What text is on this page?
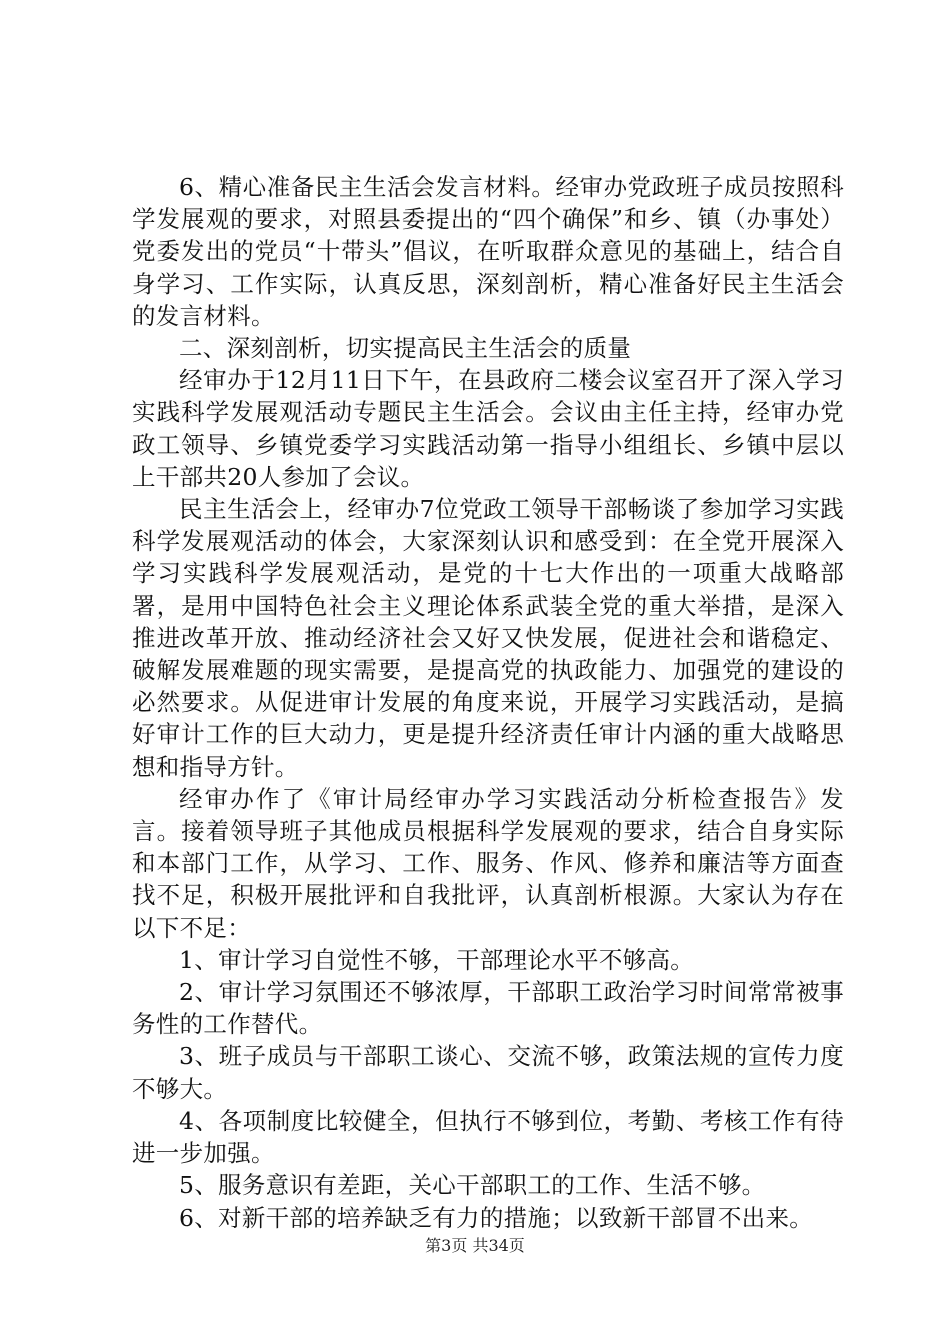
6、精心准备民主生活会发言材料。经审办党政班子成员按照科学发展观的要求，对照县委提出的“四个确保”和乡、镇（办事处）党委发出的党员“十带头”倡议，在听取群众意见的基础上，结合自身学习、工作实际，认真反思，深刻剖析，精心准备好民主生活会的发言材料。

二、深刻剖析，切实提高民主生活会的质量

经审办于12月11日下午，在县政府二楼会议室召开了深入学习实践科学发展观活动专题民主生活会。会议由主任主持，经审办党政工领导、乡镇党委学习实践活动第一指导小组组长、乡镇中层以上干部共20人参加了会议。

民主生活会上，经审办7位党政工领导干部畅谈了参加学习实践科学发展观活动的体会，大家深刻认识和感受到：在全党开展深入学习实践科学发展观活动，是党的十七大作出的一项重大战略部署，是用中国特色社会主义理论体系武装全党的重大举措，是深入推进改革开放、推动经济社会又好又快发展，促进社会和谐稳定、破解发展难题的现实需要，是提高党的执政能力、加强党的建设的必然要求。从促进审计发展的角度来说，开展学习实践活动，是搞好审计工作的巨大动力，更是提升经济责任审计内涵的重大战略思想和指导方针。

经审办作了《审计局经审办学习实践活动分析检查报告》发言。接着领导班子其他成员根据科学发展观的要求，结合自身实际和本部门工作，从学习、工作、服务、作风、修养和廉洁等方面查找不足，积极开展批评和自我批评，认真剖析根源。大家认为存在以下不足：

1、审计学习自觉性不够，干部理论水平不够高。

2、审计学习氛围还不够浓厚，干部职工政治学习时间常常被事务性的工作替代。

3、班子成员与干部职工谈心、交流不够，政策法规的宣传力度不够大。

4、各项制度比较健全，但执行不够到位，考勤、考核工作有待进一步加强。

5、服务意识有差距，关心干部职工的工作、生活不够。

6、对新干部的培养缺乏有力的措施；以致新干部冒不出来。

第3页 共34页
